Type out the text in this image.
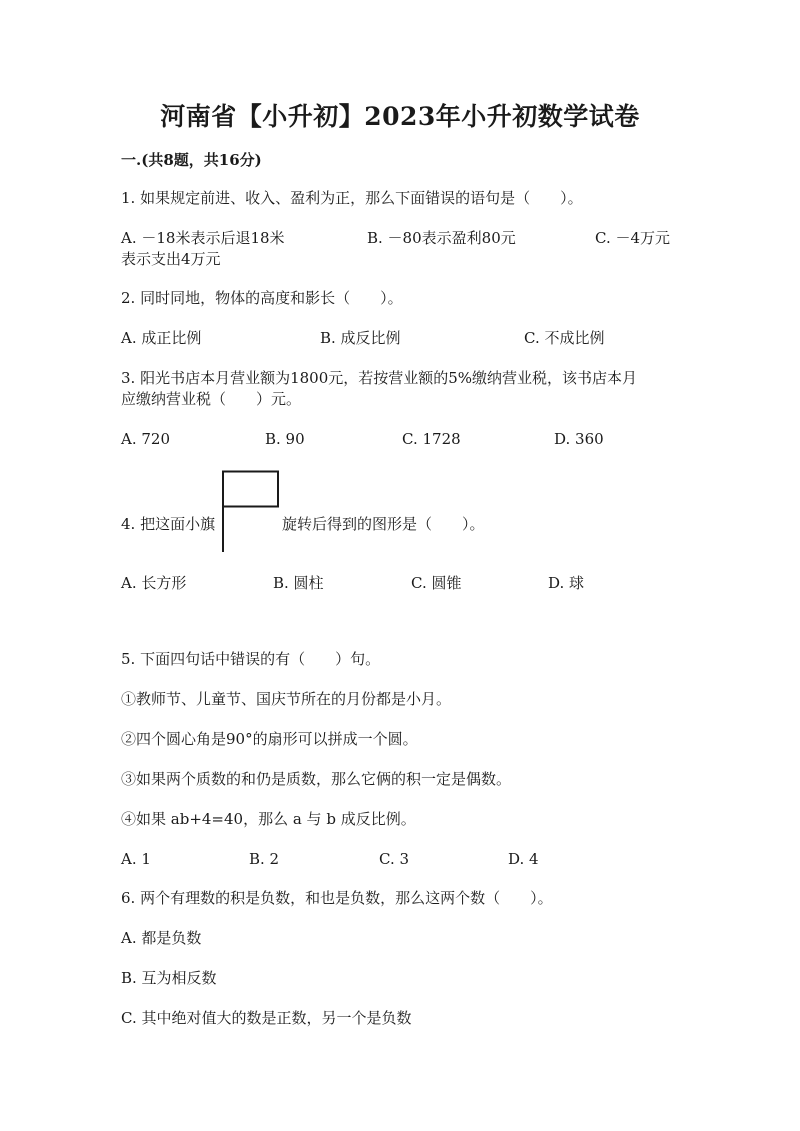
河南省【小升初】2023年小升初数学试卷
一.(共8题，共16分)
1. 如果规定前进、收入、盈利为正，那么下面错误的语句是（　　）。
A. －18米表示后退18米	B. －80表示盈利80元	C. －4万元
表示支出4万元
2. 同时同地，物体的高度和影长（　　）。
A. 成正比例	B. 成反比例	C. 不成比例
3. 阳光书店本月营业额为1800元，若按营业额的5%缴纳营业税，该书店本月
应缴纳营业税（　　）元。
A. 720	B. 90	C. 1728	D. 360
4. 把这面小旗	旋转后得到的图形是（　　）。
A. 长方形	B. 圆柱	C. 圆锥	D. 球
5. 下面四句话中错误的有（　　）句。
①教师节、儿童节、国庆节所在的月份都是小月。
②四个圆心角是90°的扇形可以拼成一个圆。
③如果两个质数的和仍是质数，那么它俩的积一定是偶数。
④如果 ab+4=40，那么 a 与 b 成反比例。
A. 1	B. 2	C. 3	D. 4
6. 两个有理数的积是负数，和也是负数，那么这两个数（　　）。
A. 都是负数
B. 互为相反数
C. 其中绝对值大的数是正数，另一个是负数
